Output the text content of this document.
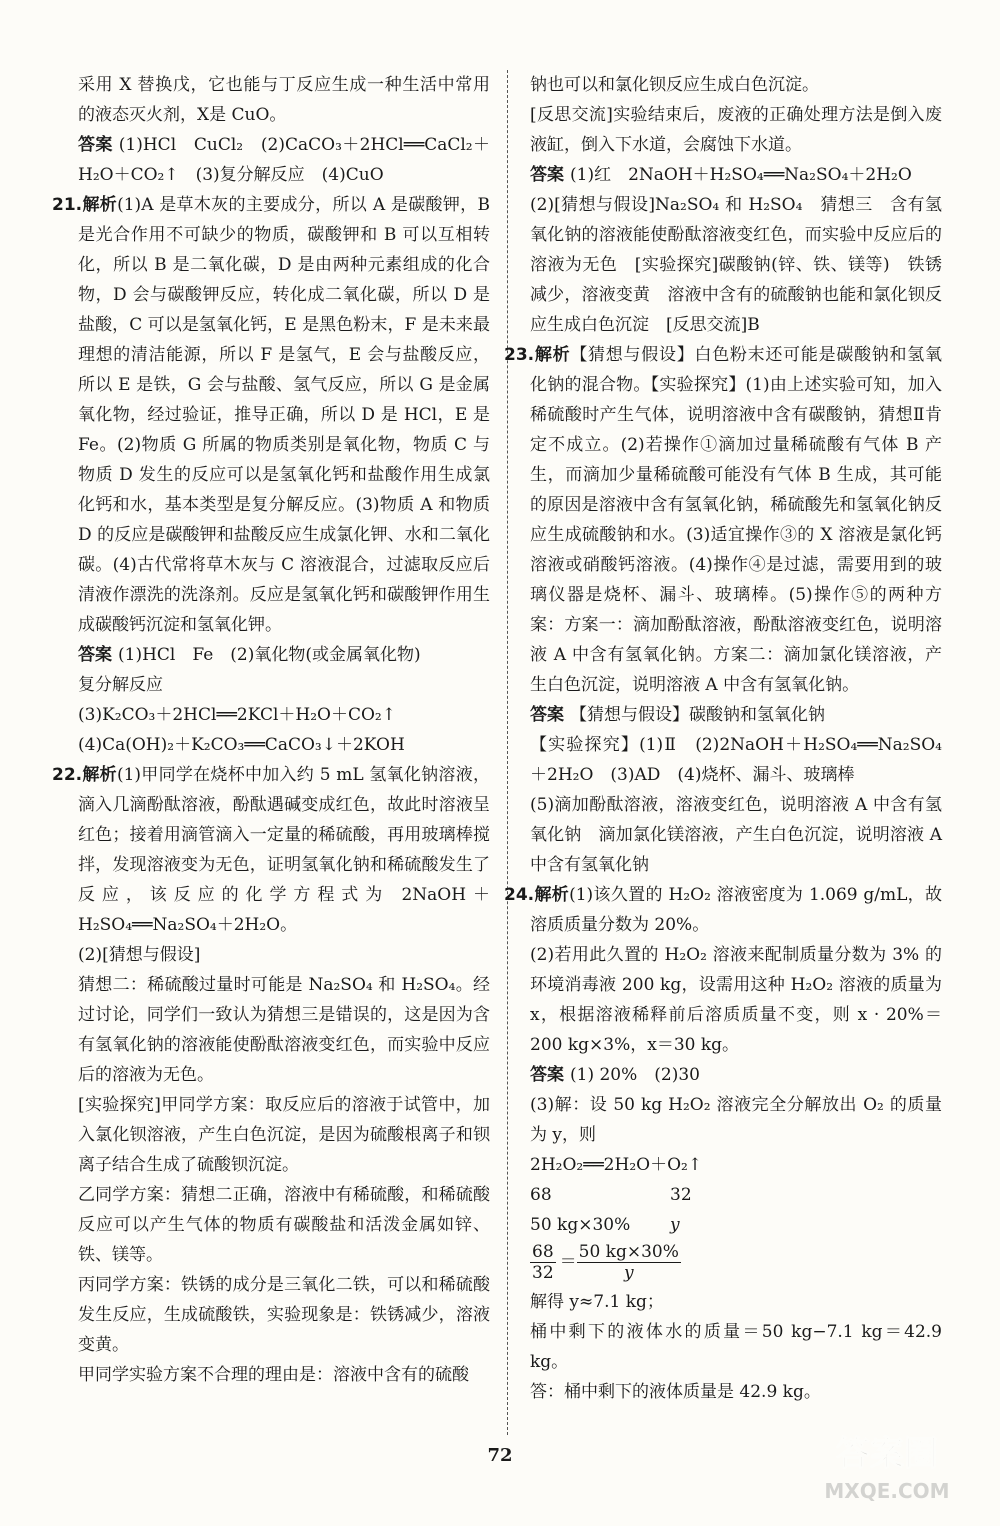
采用 X 替换戊，它也能与丁反应生成一种生活中常用的液态灭火剂，X是 CuO。

答案 (1)HCl　CuCl₂　(2)CaCO₃＋2HCl══CaCl₂＋H₂O＋CO₂↑　(3)复分解反应　(4)CuO

21.解析(1)A 是草木灰的主要成分，所以 A 是碳酸钾，B 是光合作用不可缺少的物质，碳酸钾和 B 可以互相转化，所以 B 是二氧化碳，D 是由两种元素组成的化合物，D 会与碳酸钾反应，转化成二氧化碳，所以 D 是盐酸，C 可以是氢氧化钙，E 是黑色粉末，F 是未来最理想的清洁能源，所以 F 是氢气，E 会与盐酸反应，所以 E 是铁，G 会与盐酸、氢气反应，所以 G 是金属氧化物，经过验证，推导正确，所以 D 是 HCl，E 是 Fe。(2)物质 G 所属的物质类别是氧化物，物质 C 与物质 D 发生的反应可以是氢氧化钙和盐酸作用生成氯化钙和水，基本类型是复分解反应。(3)物质 A 和物质 D 的反应是碳酸钾和盐酸反应生成氯化钾、水和二氧化碳。(4)古代常将草木灰与 C 溶液混合，过滤取反应后清液作漂洗的洗涤剂。反应是氢氧化钙和碳酸钾作用生成碳酸钙沉淀和氢氧化钾。

答案 (1)HCl　Fe　(2)氧化物(或金属氧化物)

复分解反应

(3)K₂CO₃＋2HCl══2KCl＋H₂O＋CO₂↑

(4)Ca(OH)₂＋K₂CO₃══CaCO₃↓＋2KOH

22.解析(1)甲同学在烧杯中加入约 5 mL 氢氧化钠溶液，滴入几滴酚酞溶液，酚酞遇碱变成红色，故此时溶液呈红色；接着用滴管滴入一定量的稀硫酸，再用玻璃棒搅拌，发现溶液变为无色，证明氢氧化钠和稀硫酸发生了反应，该反应的化学方程式为 2NaOH＋H₂SO₄══Na₂SO₄＋2H₂O。

(2)[猜想与假设]

猜想二：稀硫酸过量时可能是 Na₂SO₄ 和 H₂SO₄。经过讨论，同学们一致认为猜想三是错误的，这是因为含有氢氧化钠的溶液能使酚酞溶液变红色，而实验中反应后的溶液为无色。

[实验探究]甲同学方案：取反应后的溶液于试管中，加入氯化钡溶液，产生白色沉淀，是因为硫酸根离子和钡离子结合生成了硫酸钡沉淀。

乙同学方案：猜想二正确，溶液中有稀硫酸，和稀硫酸反应可以产生气体的物质有碳酸盐和活泼金属如锌、铁、镁等。

丙同学方案：铁锈的成分是三氧化二铁，可以和稀硫酸发生反应，生成硫酸铁，实验现象是：铁锈减少，溶液变黄。

甲同学实验方案不合理的理由是：溶液中含有的硫酸

钠也可以和氯化钡反应生成白色沉淀。

[反思交流]实验结束后，废液的正确处理方法是倒入废液缸，倒入下水道，会腐蚀下水道。

答案 (1)红　2NaOH＋H₂SO₄══Na₂SO₄＋2H₂O

(2)[猜想与假设]Na₂SO₄ 和 H₂SO₄　猜想三　含有氢氧化钠的溶液能使酚酞溶液变红色，而实验中反应后的溶液为无色　[实验探究]碳酸钠(锌、铁、镁等)　铁锈减少，溶液变黄　溶液中含有的硫酸钠也能和氯化钡反应生成白色沉淀　[反思交流]B

23.解析【猜想与假设】白色粉末还可能是碳酸钠和氢氧化钠的混合物。【实验探究】(1)由上述实验可知，加入稀硫酸时产生气体，说明溶液中含有碳酸钠，猜想Ⅱ肯定不成立。(2)若操作①滴加过量稀硫酸有气体 B 产生，而滴加少量稀硫酸可能没有气体 B 生成，其可能的原因是溶液中含有氢氧化钠，稀硫酸先和氢氧化钠反应生成硫酸钠和水。(3)适宜操作③的 X 溶液是氯化钙溶液或硝酸钙溶液。(4)操作④是过滤，需要用到的玻璃仪器是烧杯、漏斗、玻璃棒。(5)操作⑤的两种方案：方案一：滴加酚酞溶液，酚酞溶液变红色，说明溶液 A 中含有氢氧化钠。方案二：滴加氯化镁溶液，产生白色沉淀，说明溶液 A 中含有氢氧化钠。

答案 【猜想与假设】碳酸钠和氢氧化钠

【实验探究】(1)Ⅱ　(2)2NaOH＋H₂SO₄══Na₂SO₄＋2H₂O　(3)AD　(4)烧杯、漏斗、玻璃棒

(5)滴加酚酞溶液，溶液变红色，说明溶液 A 中含有氢氧化钠　滴加氯化镁溶液，产生白色沉淀，说明溶液 A 中含有氢氧化钠

24.解析(1)该久置的 H₂O₂ 溶液密度为 1.069 g/mL，故溶质质量分数为 20%。

(2)若用此久置的 H₂O₂ 溶液来配制质量分数为 3% 的环境消毒液 200 kg，设需用这种 H₂O₂ 溶液的质量为 x，根据溶液稀释前后溶质质量不变，则 x · 20%＝200 kg×3%，x＝30 kg。

答案 (1) 20%　(2)30

(3)解：设 50 kg H₂O₂ 溶液完全分解放出 O₂ 的质量为 y，则

2H₂O₂══2H₂O＋O₂↑

68	32
50 kg×30%	y
$\frac{68}{32} = \frac{50 kg\times 30\%}{y}$

解得 y≈7.1 kg；

桶中剩下的液体水的质量＝50 kg−7.1 kg＝42.9 kg。

答：桶中剩下的液体质量是 42.9 kg。

72	答案圈
MXQE.COM
